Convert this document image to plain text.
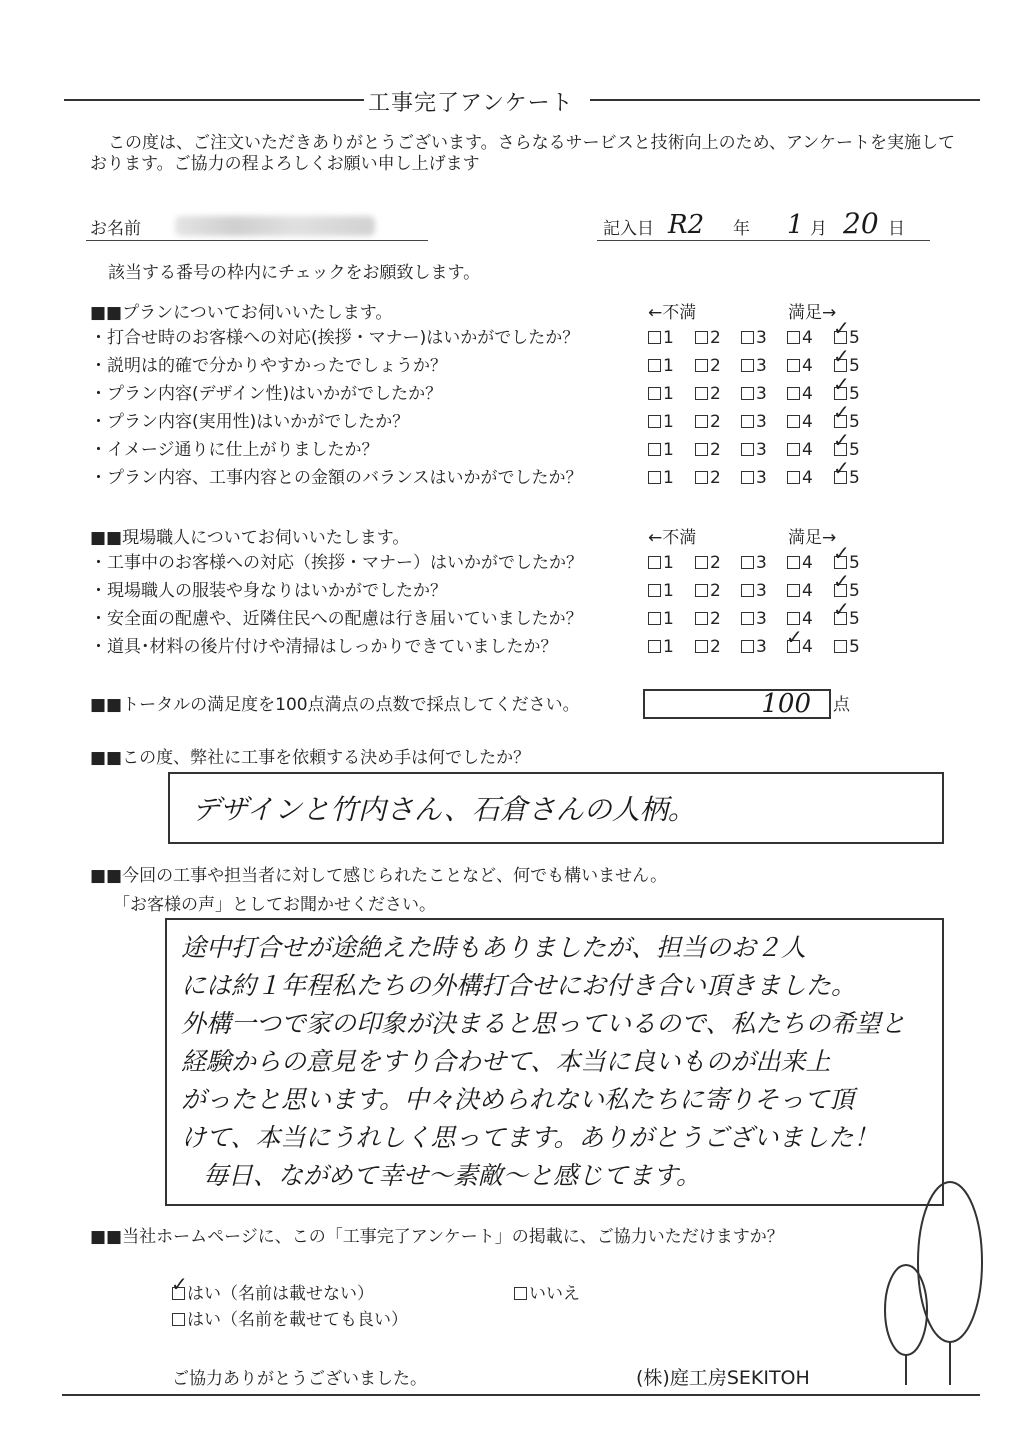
工事完了アンケート
この度は、ご注文いただきありがとうございます。さらなるサービスと技術向上のため、アンケートを実施して
おります。ご協力の程よろしくお願い申し上げます
お名前	記入日 R2 年 1 月 20 日
該当する番号の枠内にチェックをお願致します。
■■プランについてお伺いいたします。	←不満	満足→
・打合せ時のお客様への対応(挨拶・マナー)はいかがでしたか？	1	2	3	4 ✓	5
・説明は的確で分かりやすかったでしょうか？	1	2	3	4 ✓	5
・プラン内容(デザイン性)はいかがでしたか？	1	2	3	4 ✓	5
・プラン内容(実用性)はいかがでしたか？	1	2	3	4 ✓	5
・イメージ通りに仕上がりましたか？	1	2	3	4 ✓	5
・プラン内容、工事内容との金額のバランスはいかがでしたか？	1	2	3	4 ✓	5
■■現場職人についてお伺いいたします。	←不満	満足→
・工事中のお客様への対応（挨拶・マナー）はいかがでしたか？	1	2	3	4 ✓	5
・現場職人の服装や身なりはいかがでしたか？	1	2	3	4 ✓	5
・安全面の配慮や、近隣住民への配慮は行き届いていましたか？	1	2	3	4 ✓	5
・道具･材料の後片付けや清掃はしっかりできていましたか？	1	2	3 ✓	4	5
■■トータルの満足度を100点満点の点数で採点してください。	100 点
■■この度、弊社に工事を依頼する決め手は何でしたか？
デザインと竹内さん、石倉さんの人柄。
■■今回の工事や担当者に対して感じられたことなど、何でも構いません。
「お客様の声」としてお聞かせください。
途中打合せが途絶えた時もありましたが、担当のお２人
には約１年程私たちの外構打合せにお付き合い頂きました。
外構一つで家の印象が決まると思っているので、私たちの希望と
経験からの意見をすり合わせて、本当に良いものが出来上
がったと思います。中々決められない私たちに寄りそって頂
けて、本当にうれしく思ってます。ありがとうございました！
毎日、ながめて幸せ～素敵～と感じてます。
■■当社ホームページに、この「工事完了アンケート」の掲載に、ご協力いただけますか？
✓はい（名前は載せない）	いいえ
はい（名前を載せても良い）
ご協力ありがとうございました。	(株)庭工房SEKITOH
